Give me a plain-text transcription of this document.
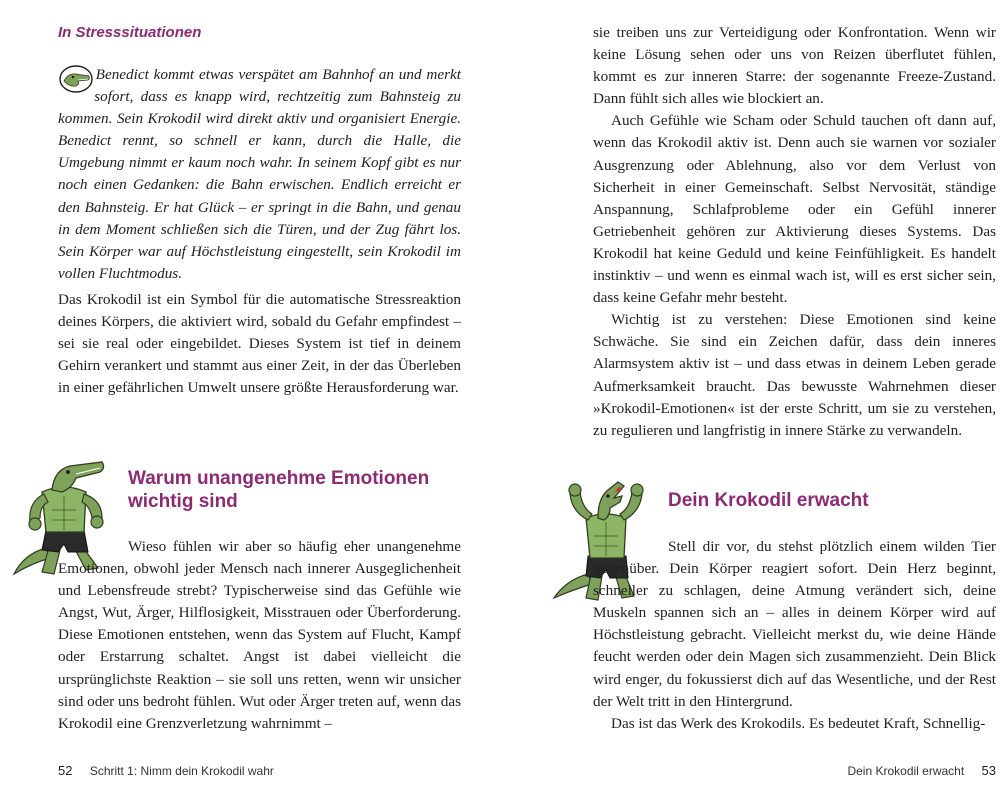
In Stresssituationen

Benedict kommt etwas verspätet am Bahnhof an und merkt sofort, dass es knapp wird, rechtzeitig zum Bahnsteig zu kommen. Sein Krokodil wird direkt aktiv und organisiert Energie. Benedict rennt, so schnell er kann, durch die Halle, die Umgebung nimmt er kaum noch wahr. In seinem Kopf gibt es nur noch einen Gedanken: die Bahn erwischen. Endlich erreicht er den Bahnsteig. Er hat Glück – er springt in die Bahn, und genau in dem Moment schließen sich die Türen, und der Zug fährt los. Sein Körper war auf Höchstleistung eingestellt, sein Krokodil im vollen Fluchtmodus.

Das Krokodil ist ein Symbol für die automatische Stressreaktion deines Körpers, die aktiviert wird, sobald du Gefahr empfindest – sei sie real oder eingebildet. Dieses System ist tief in deinem Gehirn verankert und stammt aus einer Zeit, in der das Überleben in einer gefährlichen Umwelt unsere größte Herausforderung war.

Warum unangenehme Emotionen wichtig sind

Wieso fühlen wir aber so häufig eher unangenehme Emotionen, obwohl jeder Mensch nach innerer Ausgeglichenheit und Lebensfreude strebt? Typischerweise sind das Gefühle wie Angst, Wut, Ärger, Hilflosigkeit, Misstrauen oder Überforderung. Diese Emotionen entstehen, wenn das System auf Flucht, Kampf oder Erstarrung schaltet. Angst ist dabei vielleicht die ursprünglichste Reaktion – sie soll uns retten, wenn wir unsicher sind oder uns bedroht fühlen. Wut oder Ärger treten auf, wenn das Krokodil eine Grenzverletzung wahrnimmt –

52 Schritt 1: Nimm dein Krokodil wahr

sie treiben uns zur Verteidigung oder Konfrontation. Wenn wir keine Lösung sehen oder uns von Reizen überflutet fühlen, kommt es zur inneren Starre: der sogenannte Freeze-Zustand. Dann fühlt sich alles wie blockiert an.

Auch Gefühle wie Scham oder Schuld tauchen oft dann auf, wenn das Krokodil aktiv ist. Denn auch sie warnen vor sozialer Ausgrenzung oder Ablehnung, also vor dem Verlust von Sicherheit in einer Gemeinschaft. Selbst Nervosität, ständige Anspannung, Schlafprobleme oder ein Gefühl innerer Getriebenheit gehören zur Aktivierung dieses Systems. Das Krokodil hat keine Geduld und keine Feinfühligkeit. Es handelt instinktiv – und wenn es einmal wach ist, will es erst sicher sein, dass keine Gefahr mehr besteht.

Wichtig ist zu verstehen: Diese Emotionen sind keine Schwäche. Sie sind ein Zeichen dafür, dass dein inneres Alarmsystem aktiv ist – und dass etwas in deinem Leben gerade Aufmerksamkeit braucht. Das bewusste Wahrnehmen dieser »Krokodil-Emotionen« ist der erste Schritt, um sie zu verstehen, zu regulieren und langfristig in innere Stärke zu verwandeln.

Dein Krokodil erwacht

Stell dir vor, du stehst plötzlich einem wilden Tier gegenüber. Dein Körper reagiert sofort. Dein Herz beginnt, schneller zu schlagen, deine Atmung verändert sich, deine Muskeln spannen sich an – alles in deinem Körper wird auf Höchstleistung gebracht. Vielleicht merkst du, wie deine Hände feucht werden oder dein Magen sich zusammenzieht. Dein Blick wird enger, du fokussierst dich auf das Wesentliche, und der Rest der Welt tritt in den Hintergrund.

Das ist das Werk des Krokodils. Es bedeutet Kraft, Schnellig-

Dein Krokodil erwacht 53
